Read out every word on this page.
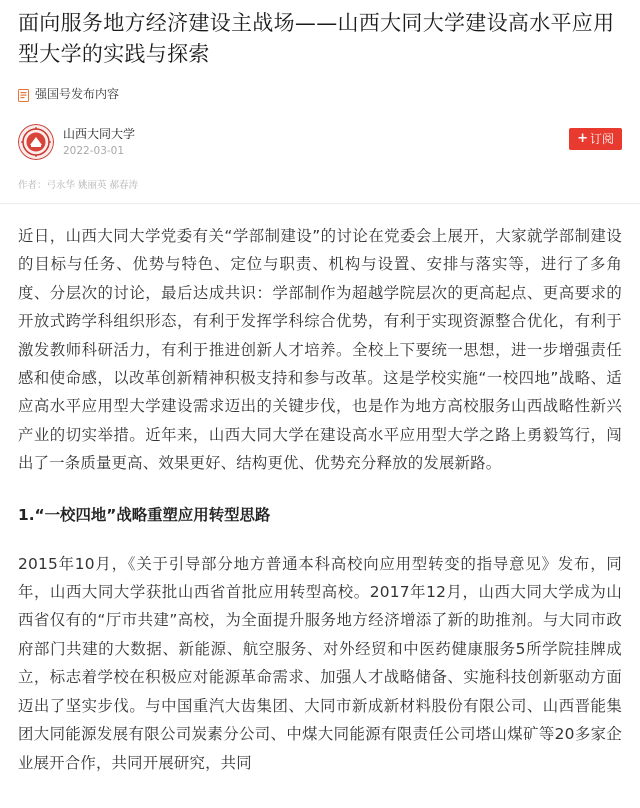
面向服务地方经济建设主战场——山西大同大学建设高水平应用型大学的实践与探索
强国号发布内容
山西大同大学
2022-03-01
+ 订阅
作者：弓永华 姚丽英 郝春涛

近日，山西大同大学党委有关“学部制建设”的讨论在党委会上展开，大家就学部制建设的目标与任务、优势与特色、定位与职责、机构与设置、安排与落实等，进行了多角度、分层次的讨论，最后达成共识：学部制作为超越学院层次的更高起点、更高要求的开放式跨学科组织形态，有利于发挥学科综合优势，有利于实现资源整合优化，有利于激发教师科研活力，有利于推进创新人才培养。全校上下要统一思想，进一步增强责任感和使命感，以改革创新精神积极支持和参与改革。这是学校实施“一校四地”战略、适应高水平应用型大学建设需求迈出的关键步伐，也是作为地方高校服务山西战略性新兴产业的切实举措。近年来，山西大同大学在建设高水平应用型大学之路上勇毅笃行，闯出了一条质量更高、效果更好、结构更优、优势充分释放的发展新路。

1.“一校四地”战略重塑应用转型思路

2015年10月，《关于引导部分地方普通本科高校向应用型转变的指导意见》发布，同年，山西大同大学获批山西省首批应用转型高校。2017年12月，山西大同大学成为山西省仅有的“厅市共建”高校，为全面提升服务地方经济增添了新的助推剂。与大同市政府部门共建的大数据、新能源、航空服务、对外经贸和中医药健康服务5所学院挂牌成立，标志着学校在积极应对能源革命需求、加强人才战略储备、实施科技创新驱动方面迈出了坚实步伐。与中国重汽大齿集团、大同市新成新材料股份有限公司、山西晋能集团大同能源发展有限公司炭素分公司、中煤大同能源有限责任公司塔山煤矿等20多家企业展开合作，共同开展研究，共同
